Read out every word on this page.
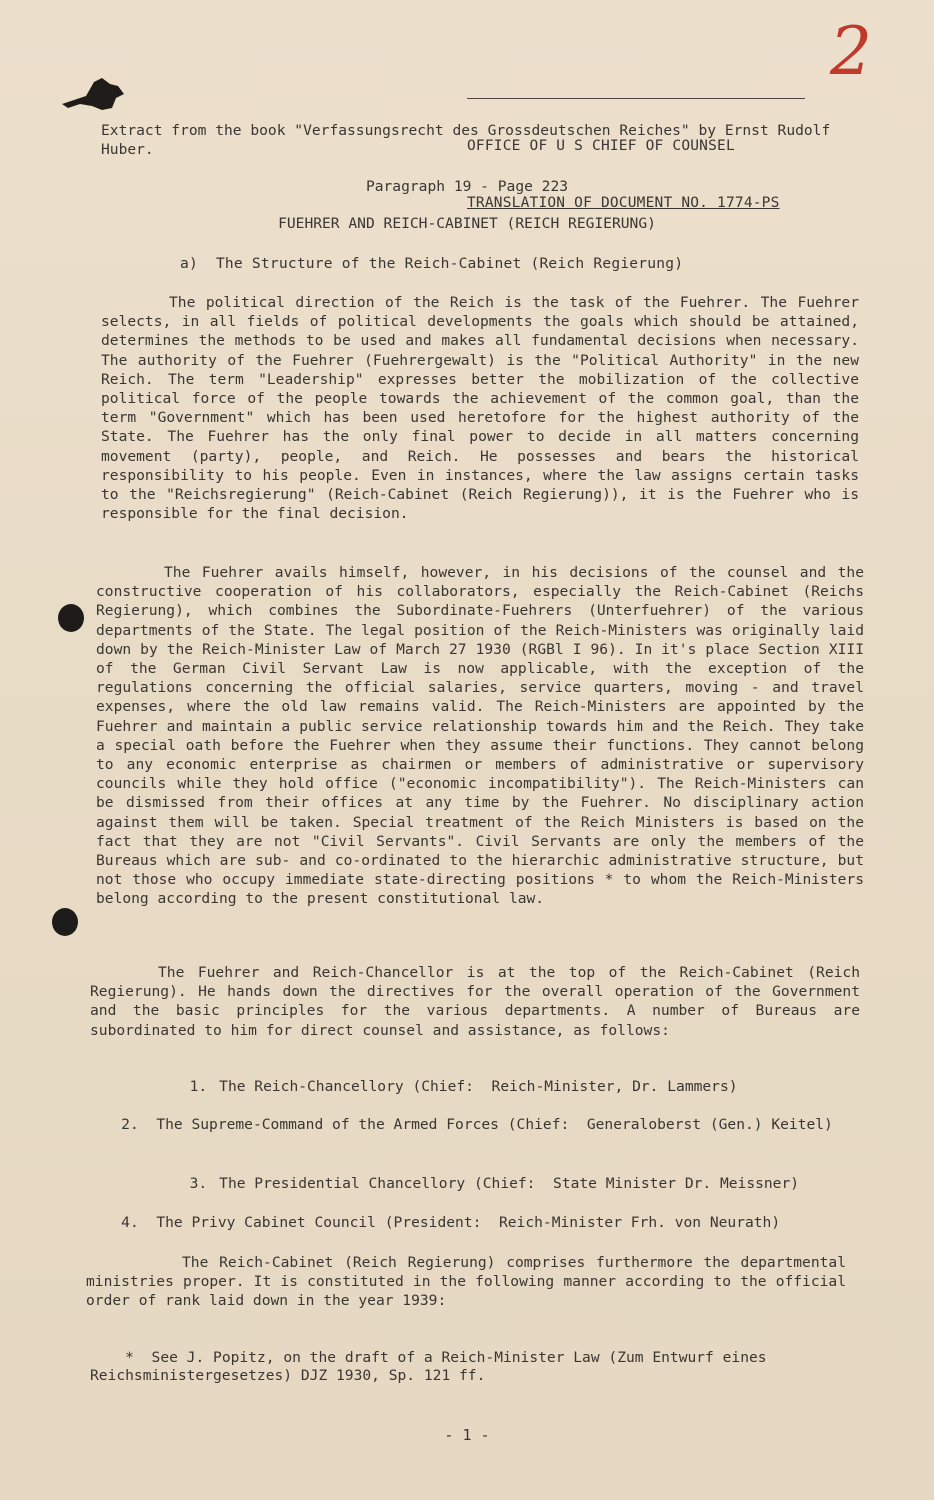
OFFICE OF U S CHIEF OF COUNSEL

TRANSLATION OF DOCUMENT NO. 1774-PS

2
Extract from the book "Verfassungsrecht des Grossdeutschen Reiches" by Ernst Rudolf Huber.
Paragraph 19 - Page 223
FUEHRER AND REICH-CABINET (REICH REGIERUNG)
a)  The Structure of the Reich-Cabinet (Reich Regierung)
The political direction of the Reich is the task of the Fuehrer. The Fuehrer selects, in all fields of political developments the goals which should be attained, determines the methods to be used and makes all fundamental decisions when necessary. The authority of the Fuehrer (Fuehrergewalt) is the "Political Authority" in the new Reich. The term "Leadership" expresses better the mobilization of the collective political force of the people towards the achievement of the common goal, than the term "Government" which has been used heretofore for the highest authority of the State. The Fuehrer has the only final power to decide in all matters concerning movement (party), people, and Reich. He possesses and bears the historical responsibility to his people. Even in instances, where the law assigns certain tasks to the "Reichsregierung" (Reich-Cabinet (Reich Regierung)), it is the Fuehrer who is responsible for the final decision.
The Fuehrer avails himself, however, in his decisions of the counsel and the constructive cooperation of his collaborators, especially the Reich-Cabinet (Reichs Regierung), which combines the Subordinate-Fuehrers (Unterfuehrer) of the various departments of the State. The legal position of the Reich-Ministers was originally laid down by the Reich-Minister Law of March 27 1930 (RGBl I 96). In it's place Section XIII of the German Civil Servant Law is now applicable, with the exception of the regulations concerning the official salaries, service quarters, moving - and travel expenses, where the old law remains valid. The Reich-Ministers are appointed by the Fuehrer and maintain a public service relationship towards him and the Reich. They take a special oath before the Fuehrer when they assume their functions. They cannot belong to any economic enterprise as chairmen or members of administrative or supervisory councils while they hold office ("economic incompatibility"). The Reich-Ministers can be dismissed from their offices at any time by the Fuehrer. No disciplinary action against them will be taken. Special treatment of the Reich Ministers is based on the fact that they are not "Civil Servants". Civil Servants are only the members of the Bureaus which are sub- and co-ordinated to the hierarchic administrative structure, but not those who occupy immediate state-directing positions * to whom the Reich-Ministers belong according to the present constitutional law.
The Fuehrer and Reich-Chancellor is at the top of the Reich-Cabinet (Reich Regierung). He hands down the directives for the overall operation of the Government and the basic principles for the various departments. A number of Bureaus are subordinated to him for direct counsel and assistance, as follows:

1. The Reich-Chancellory (Chief:  Reich-Minister, Dr. Lammers)

2. The Supreme-Command of the Armed Forces (Chief:  Generaloberst (Gen.) Keitel)

3. The Presidential Chancellory (Chief:  State Minister Dr. Meissner)

4. The Privy Cabinet Council (President:  Reich-Minister Frh. von Neurath)

The Reich-Cabinet (Reich Regierung) comprises furthermore the departmental ministries proper. It is constituted in the following manner according to the official order of rank laid down in the year 1939:

* See J. Popitz, on the draft of a Reich-Minister Law (Zum Entwurf eines Reichsministergesetzes) DJZ 1930, Sp. 121 ff.

- 1 -
